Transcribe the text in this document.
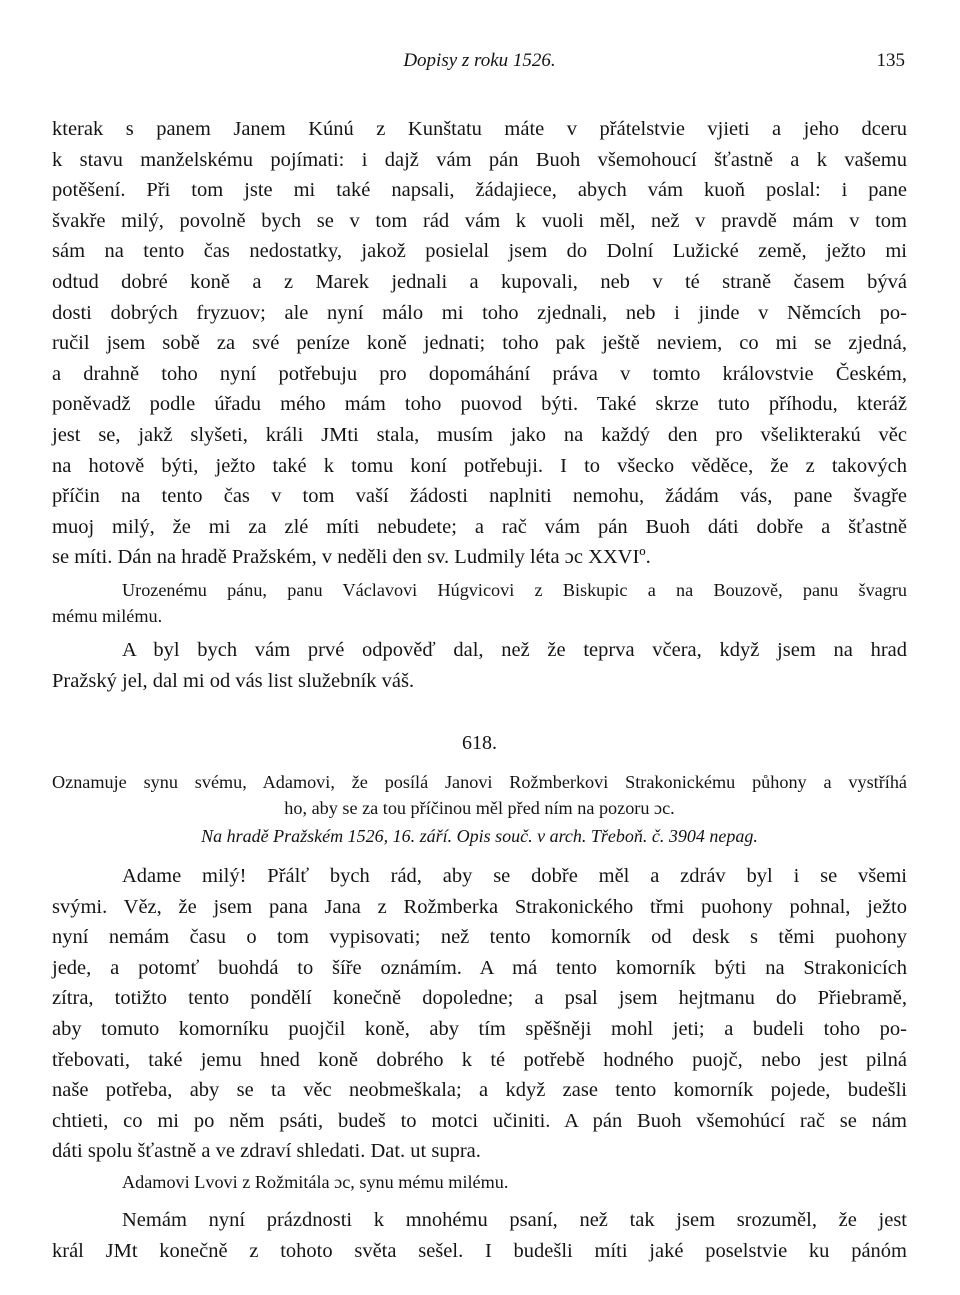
Dopisy z roku 1526.	135
kterak s panem Janem Kúnú z Kunštatu máte v přátelstvie vjieti a jeho dceru
k stavu manželskému pojímati: i dajž vám pán Buoh všemohoucí šťastně a k vašemu
potěšení. Při tom jste mi také napsali, žádajiece, abych vám kuoň poslal: i pane
švakře milý, povolně bych se v tom rád vám k vuoli měl, než v pravdě mám v tom
sám na tento čas nedostatky, jakož posielal jsem do Dolní Lužické země, ježto mi
odtud dobré koně a z Marek jednali a kupovali, neb v té straně časem bývá
dosti dobrých fryzuov; ale nyní málo mi toho zjednali, neb i jinde v Němcích po-
ručil jsem sobě za své peníze koně jednati; toho pak ještě neviem, co mi se zjedná,
a drahně toho nyní potřebuju pro dopomáhání práva v tomto královstvie Českém,
poněvadž podle úřadu mého mám toho puovod býti. Také skrze tuto příhodu, kteráž
jest se, jakž slyšeti, králi JMti stala, musím jako na každý den pro všelikterakú věc
na hotově býti, ježto také k tomu koní potřebuji. I to všecko věděce, že z takových
příčin na tento čas v tom vaší žádosti naplniti nemohu, žádám vás, pane švagře
muoj milý, že mi za zlé míti nebudete; a rač vám pán Buoh dáti dobře a šťastně
se míti. Dán na hradě Pražském, v neděli den sv. Ludmily léta ɔc XXVIº.
Urozenému pánu, panu Václavovi Húgvicovi z Biskupic a na Bouzově, panu švagru
mému milému.
A byl bych vám prvé odpověď dal, než že teprva včera, když jsem na hrad
Pražský jel, dal mi od vás list služebník váš.
618.
Oznamuje synu svému, Adamovi, že posílá Janovi Rožmberkovi Strakonickému půhony a vystříhá
ho, aby se za tou příčinou měl před ním na pozoru ɔc.
Na hradě Pražském 1526, 16. září. Opis souč. v arch. Třeboň. č. 3904 nepag.
Adame milý! Přálť bych rád, aby se dobře měl a zdráv byl i se všemi
svými. Věz, že jsem pana Jana z Rožmberka Strakonického třmi puohony pohnal, ježto
nyní nemám času o tom vypisovati; než tento komorník od desk s těmi puohony
jede, a potomť buohdá to šíře oznámím. A má tento komorník býti na Strakonicích
zítra, totižto tento pondělí konečně dopoledne; a psal jsem hejtmanu do Přiebramě,
aby tomuto komorníku puojčil koně, aby tím spěšněji mohl jeti; a budeli toho po-
třebovati, také jemu hned koně dobrého k té potřebě hodného puojč, nebo jest pilná
naše potřeba, aby se ta věc neobmeškala; a když zase tento komorník pojede, budešli
chtieti, co mi po něm psáti, budeš to motci učiniti. A pán Buoh všemohúcí rač se nám
dáti spolu šťastně a ve zdraví shledati. Dat. ut supra.
Adamovi Lvovi z Rožmitála ɔc, synu mému milému.
Nemám nyní prázdnosti k mnohému psaní, než tak jsem srozuměl, že jest
král JMt konečně z tohoto světa sešel. I budešli míti jaké poselstvie ku pánóm
